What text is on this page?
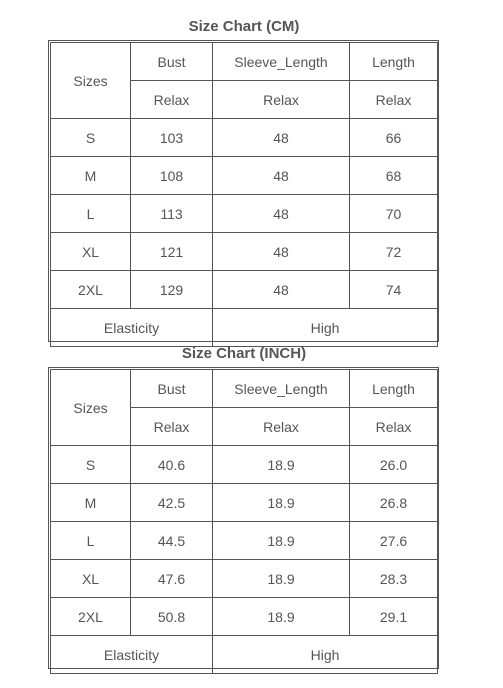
Size Chart (CM)
Sizes	Bust	Sleeve_Length	Length
	Relax	Relax	Relax
S	103	48	66
M	108	48	68
L	113	48	70
XL	121	48	72
2XL	129	48	74
Elasticity		High	
Size Chart (INCH)
Sizes	Bust	Sleeve_Length	Length
	Relax	Relax	Relax
S	40.6	18.9	26.0
M	42.5	18.9	26.8
L	44.5	18.9	27.6
XL	47.6	18.9	28.3
2XL	50.8	18.9	29.1
Elasticity		High	
